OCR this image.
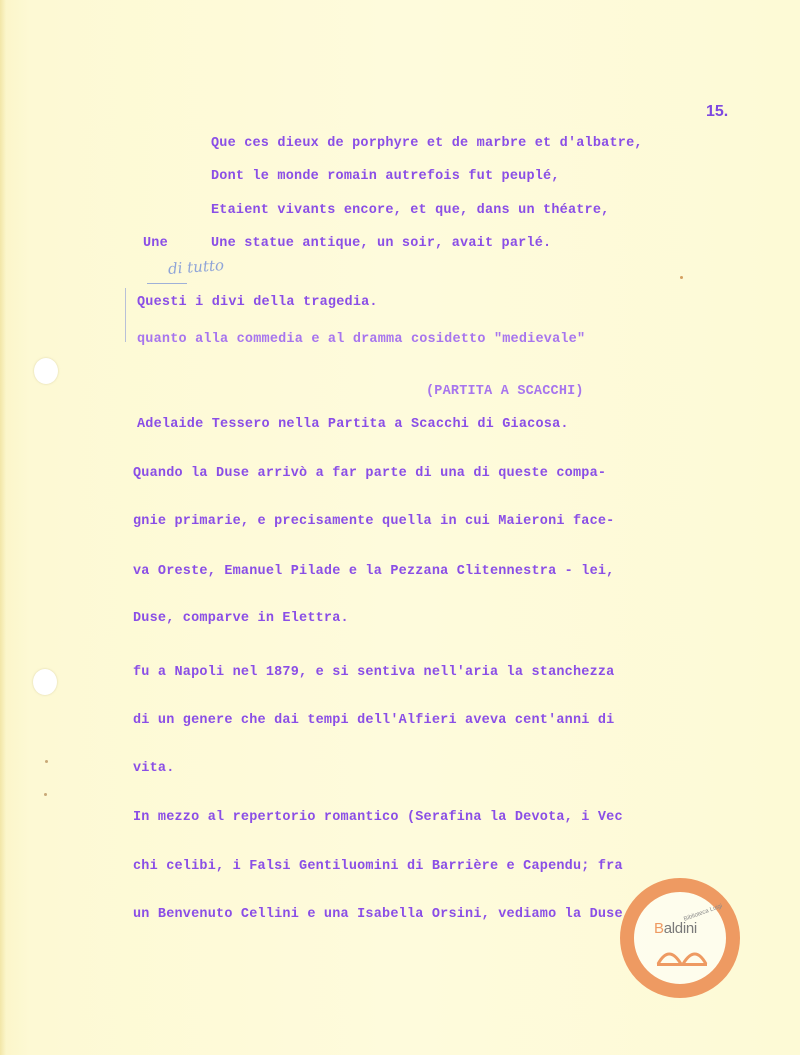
15.
Une
di tutto
Que ces dieux de porphyre et de marbre et d'albatre,
Dont le monde romain autrefois fut peuplé,
Etaient vivants encore, et que, dans un théatre,
Une statue antique, un soir, avait parlé.
Questi i divi della tragedia.
quanto alla commedia e al dramma cosidetto "medievale"
(PARTITA A SCACCHI)
Adelaide Tessero nella Partita a Scacchi di Giacosa.
Quando la Duse arrivò a far parte di una di queste compa-
gnie primarie, e precisamente quella in cui Maieroni face-
va Oreste, Emanuel Pilade e la Pezzana Clitennestra - lei,
Duse, comparve in Elettra.
fu a Napoli nel 1879, e si sentiva nell'aria la stanchezza
di un genere che dai tempi dell'Alfieri aveva cent'anni di
vita.
In mezzo al repertorio romantico (Serafina la Devota, i Vec
chi celibi, i Falsi Gentiluomini di Barrière e Capendu; fra
un Benvenuto Cellini e una Isabella Orsini, vediamo la Duse	Biblioteca Luigi
Baldini
